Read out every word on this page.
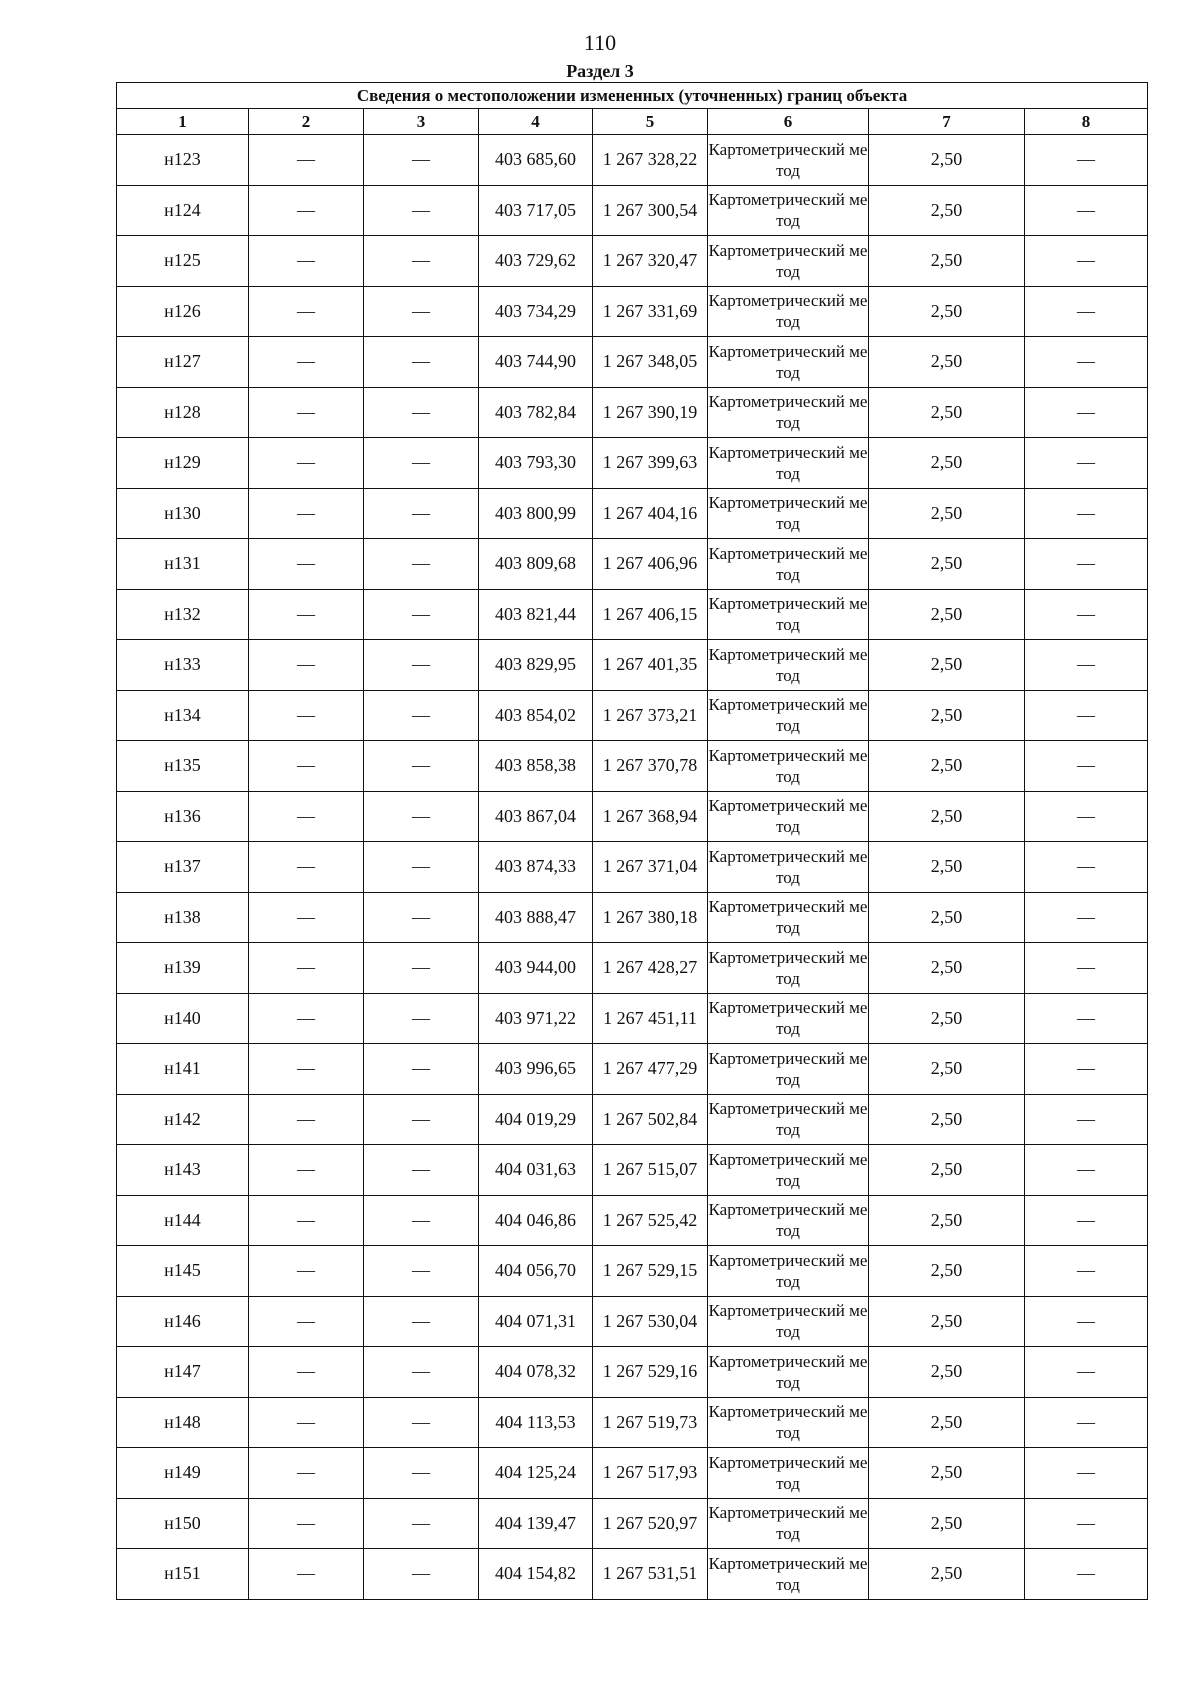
110
Раздел 3
Сведения о местоположении измененных (уточненных) границ объекта							
1	2	3	4	5	6	7	8
н123	—	—	403 685,60	1 267 328,22	Картометрический метод	2,50	—
н124	—	—	403 717,05	1 267 300,54	Картометрический метод	2,50	—
н125	—	—	403 729,62	1 267 320,47	Картометрический метод	2,50	—
н126	—	—	403 734,29	1 267 331,69	Картометрический метод	2,50	—
н127	—	—	403 744,90	1 267 348,05	Картометрический метод	2,50	—
н128	—	—	403 782,84	1 267 390,19	Картометрический метод	2,50	—
н129	—	—	403 793,30	1 267 399,63	Картометрический метод	2,50	—
н130	—	—	403 800,99	1 267 404,16	Картометрический метод	2,50	—
н131	—	—	403 809,68	1 267 406,96	Картометрический метод	2,50	—
н132	—	—	403 821,44	1 267 406,15	Картометрический метод	2,50	—
н133	—	—	403 829,95	1 267 401,35	Картометрический метод	2,50	—
н134	—	—	403 854,02	1 267 373,21	Картометрический метод	2,50	—
н135	—	—	403 858,38	1 267 370,78	Картометрический метод	2,50	—
н136	—	—	403 867,04	1 267 368,94	Картометрический метод	2,50	—
н137	—	—	403 874,33	1 267 371,04	Картометрический метод	2,50	—
н138	—	—	403 888,47	1 267 380,18	Картометрический метод	2,50	—
н139	—	—	403 944,00	1 267 428,27	Картометрический метод	2,50	—
н140	—	—	403 971,22	1 267 451,11	Картометрический метод	2,50	—
н141	—	—	403 996,65	1 267 477,29	Картометрический метод	2,50	—
н142	—	—	404 019,29	1 267 502,84	Картометрический метод	2,50	—
н143	—	—	404 031,63	1 267 515,07	Картометрический метод	2,50	—
н144	—	—	404 046,86	1 267 525,42	Картометрический метод	2,50	—
н145	—	—	404 056,70	1 267 529,15	Картометрический метод	2,50	—
н146	—	—	404 071,31	1 267 530,04	Картометрический метод	2,50	—
н147	—	—	404 078,32	1 267 529,16	Картометрический метод	2,50	—
н148	—	—	404 113,53	1 267 519,73	Картометрический метод	2,50	—
н149	—	—	404 125,24	1 267 517,93	Картометрический метод	2,50	—
н150	—	—	404 139,47	1 267 520,97	Картометрический метод	2,50	—
н151	—	—	404 154,82	1 267 531,51	Картометрический метод	2,50	—
